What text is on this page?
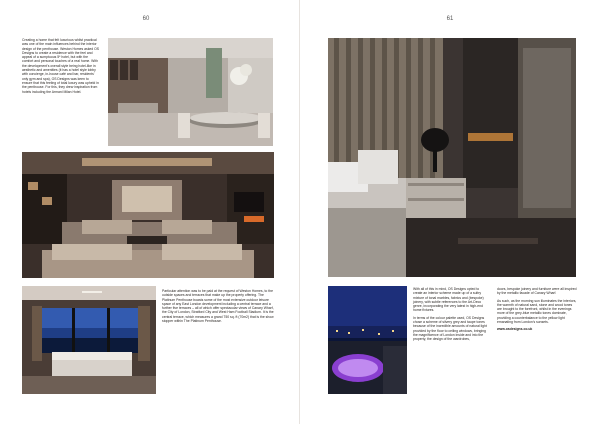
60
Creating a home that felt luxurious whilst practical was one of the main influences behind the interior design of the penthouse. Weston Homes asked OS Designs to create a residence with the feel and appeal of a sumptuous 5* hotel, but with the comfort and personal touches of a real home. With the development's overall style being hotel-like in aesthetic and amenities (it has a hotel style lobby with concierge, in-house café and bar, residents' only gym and spa), OS Designs was keen to ensure that this feeling of total luxury was upheld in the penthouse. For this, they drew inspiration from hotels including the Armani Milan Hotel.
Particular attention was to be paid at the request of Weston Homes, to the outside spaces and terraces that make up the property offering. The Platinum Penthouse boasts some of the most extensive outdoor leisure space of any East London development including a central terrace and a further five terraces – all of which offer spectacular views of Canary Wharf, the City of London, Stratford City and West Ham Football Stadium. It is the central terrace, which measures a grand 750 sq. ft (70m2) that is the show stopper within The Platinum Penthouse.
61

With all of this in mind, OS Designs opted to create an interior scheme made up of a sultry mixture of tonal marbles, fabrics and (bespoke) joinery, with subtle references to the Art-Deco genre, incorporating the very latest in high-end home fixtures.

In terms of the colour palette used, OS Designs chose a scheme of silvery grey and taupe tones because of the incredible amounts of natural light provided by the floor to ceiling windows, bringing the magnificence of London inside and into the property, the design of the wardrobes,

doors, bespoke joinery and furniture were all inspired by the metallic facade of Canary Wharf.

As such, as the morning sun illuminates the interiors, the warmth of natural sand, stone and wood tones are brought to the forefront, whilst in the evenings more of the grey-blue metallic tones dominate, providing a counterbalance to the yellow light emanating from London's sunsets.

www.osdesigns.co.uk
